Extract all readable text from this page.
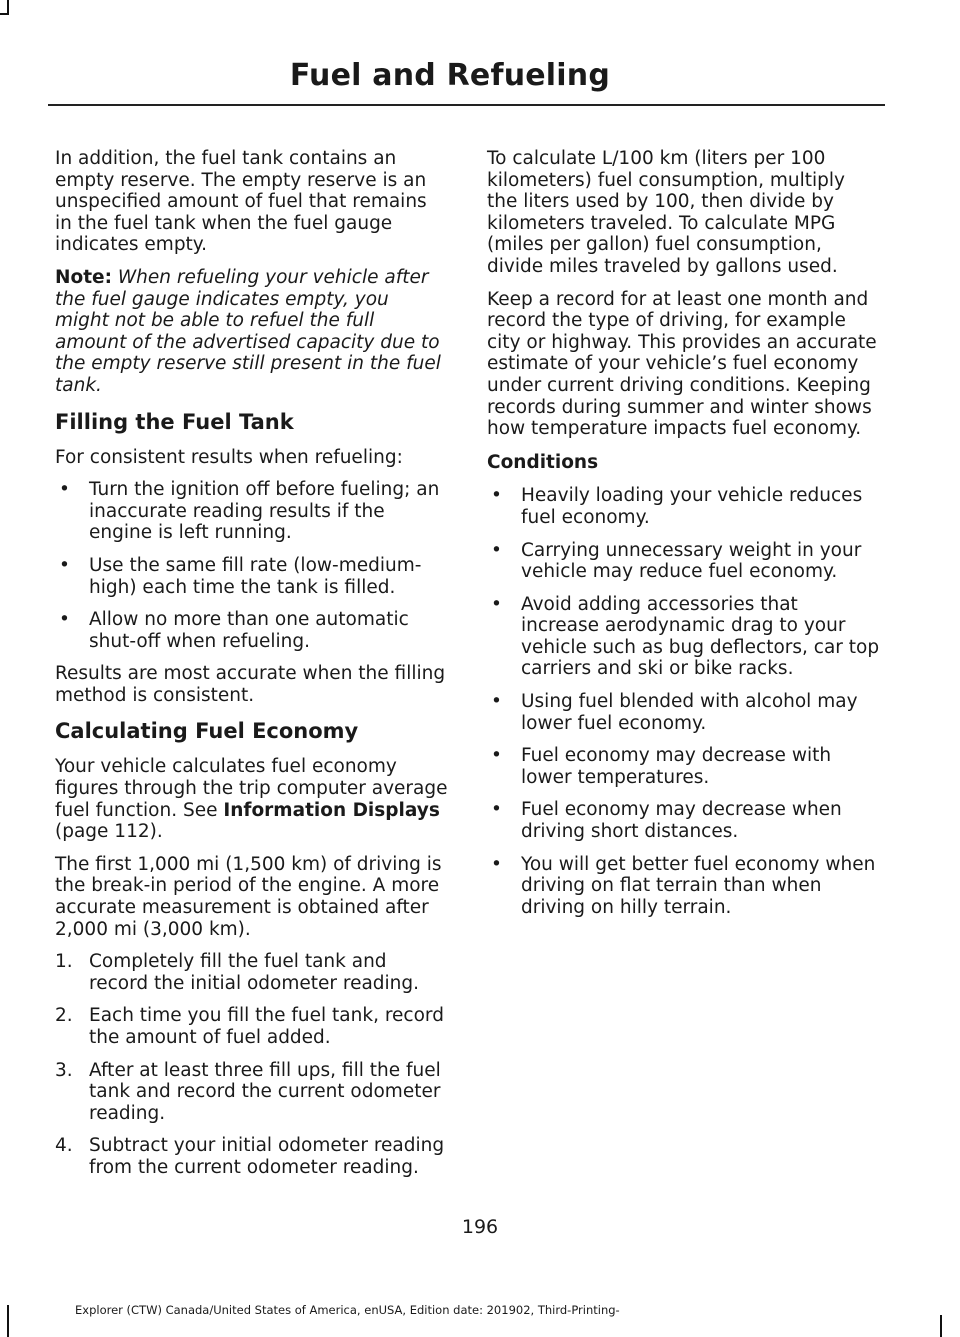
Fuel and Refueling

In addition, the fuel tank contains an empty reserve. The empty reserve is an unspecified amount of fuel that remains in the fuel tank when the fuel gauge indicates empty.

Note: When refueling your vehicle after the fuel gauge indicates empty, you might not be able to refuel the full amount of the advertised capacity due to the empty reserve still present in the fuel tank.

Filling the Fuel Tank

For consistent results when refueling:

• Turn the ignition off before fueling; an inaccurate reading results if the engine is left running.
• Use the same fill rate (low-medium-high) each time the tank is filled.
• Allow no more than one automatic shut-off when refueling.

Results are most accurate when the filling method is consistent.

Calculating Fuel Economy

Your vehicle calculates fuel economy figures through the trip computer average fuel function. See Information Displays (page 112).

The first 1,000 mi (1,500 km) of driving is the break-in period of the engine. A more accurate measurement is obtained after 2,000 mi (3,000 km).

1. Completely fill the fuel tank and record the initial odometer reading.
2. Each time you fill the fuel tank, record the amount of fuel added.
3. After at least three fill ups, fill the fuel tank and record the current odometer reading.
4. Subtract your initial odometer reading from the current odometer reading.

To calculate L/100 km (liters per 100 kilometers) fuel consumption, multiply the liters used by 100, then divide by kilometers traveled. To calculate MPG (miles per gallon) fuel consumption, divide miles traveled by gallons used.

Keep a record for at least one month and record the type of driving, for example city or highway. This provides an accurate estimate of your vehicle’s fuel economy under current driving conditions. Keeping records during summer and winter shows how temperature impacts fuel economy.

Conditions
• Heavily loading your vehicle reduces fuel economy.
• Carrying unnecessary weight in your vehicle may reduce fuel economy.
• Avoid adding accessories that increase aerodynamic drag to your vehicle such as bug deflectors, car top carriers and ski or bike racks.
• Using fuel blended with alcohol may lower fuel economy.
• Fuel economy may decrease with lower temperatures.
• Fuel economy may decrease when driving short distances.
• You will get better fuel economy when driving on flat terrain than when driving on hilly terrain.
196
Explorer (CTW) Canada/United States of America, enUSA, Edition date: 201902, Third-Printing-
